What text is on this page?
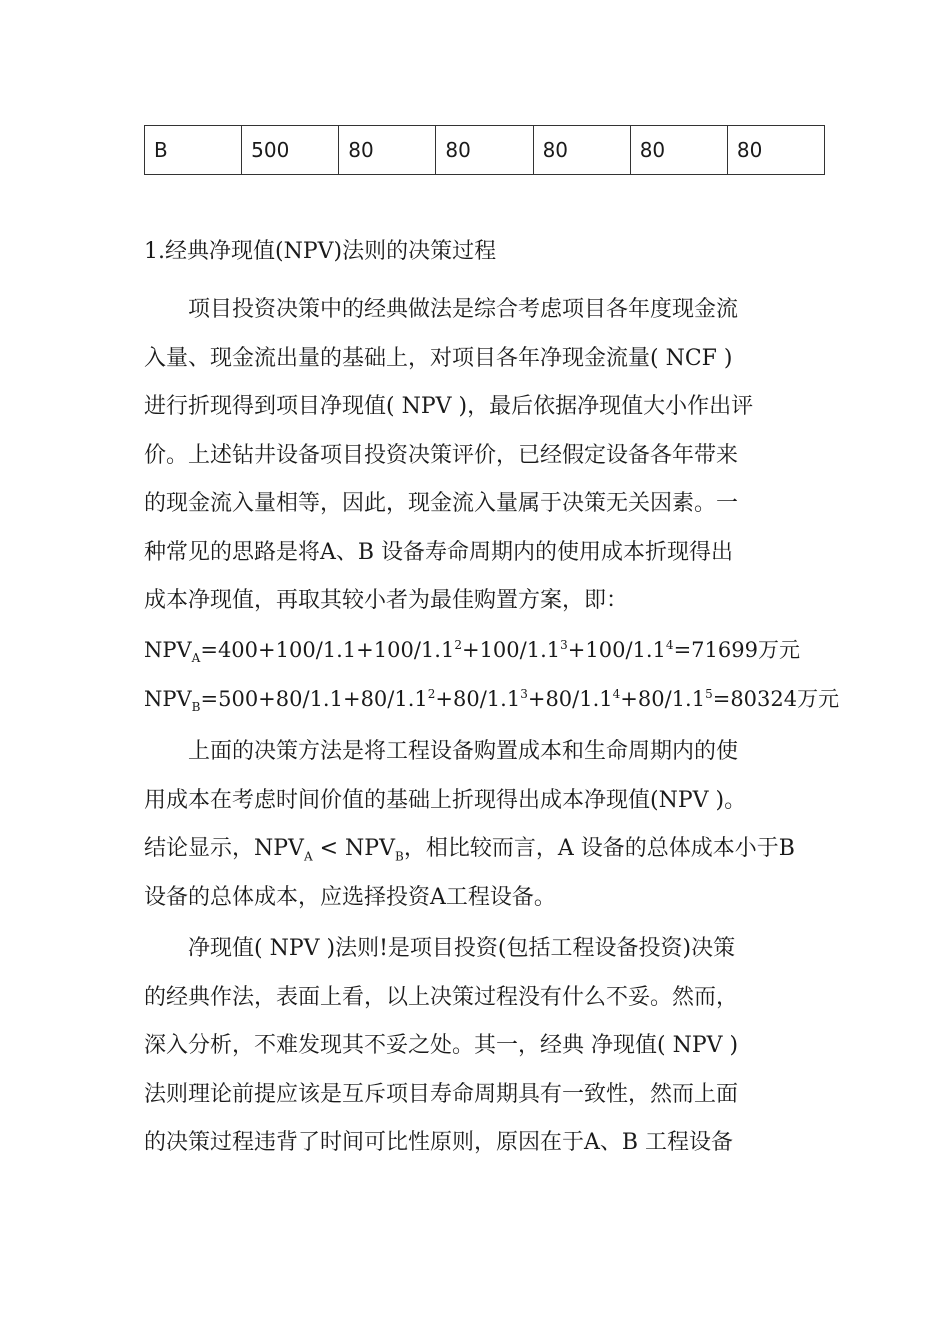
B	500	80	80	80	80	80
1.经典净现值(NPV)法则的决策过程
项目投资决策中的经典做法是综合考虑项目各年度现金流
入量、现金流出量的基础上，对项目各年净现金流量( NCF )
进行折现得到项目净现值( NPV )，最后依据净现值大小作出评
价。上述钻井设备项目投资决策评价，已经假定设备各年带来
的现金流入量相等，因此，现金流入量属于决策无关因素。一
种常见的思路是将A、B 设备寿命周期内的使用成本折现得出
成本净现值，再取其较小者为最佳购置方案，即：
$NPV_A=400+100/1.1+100/1.1^2+100/1.1^3+100/1.1^4=71699$万元
$NPV_B=500+80/1.1+80/1.1^2+80/1.1^3+80/1.1^4+80/1.1^5=80324$万元
上面的决策方法是将工程设备购置成本和生命周期内的使
用成本在考虑时间价值的基础上折现得出成本净现值(NPV )。
结论显示，$NPV_A < NPV_B$，相比较而言，A 设备的总体成本小于B
设备的总体成本，应选择投资A工程设备。
净现值( NPV )法则!是项目投资(包括工程设备投资)决策
的经典作法，表面上看，以上决策过程没有什么不妥。然而，
深入分析，不难发现其不妥之处。其一，经典 净现值( NPV )
法则理论前提应该是互斥项目寿命周期具有一致性，然而上面
的决策过程违背了时间可比性原则，原因在于A、B 工程设备
